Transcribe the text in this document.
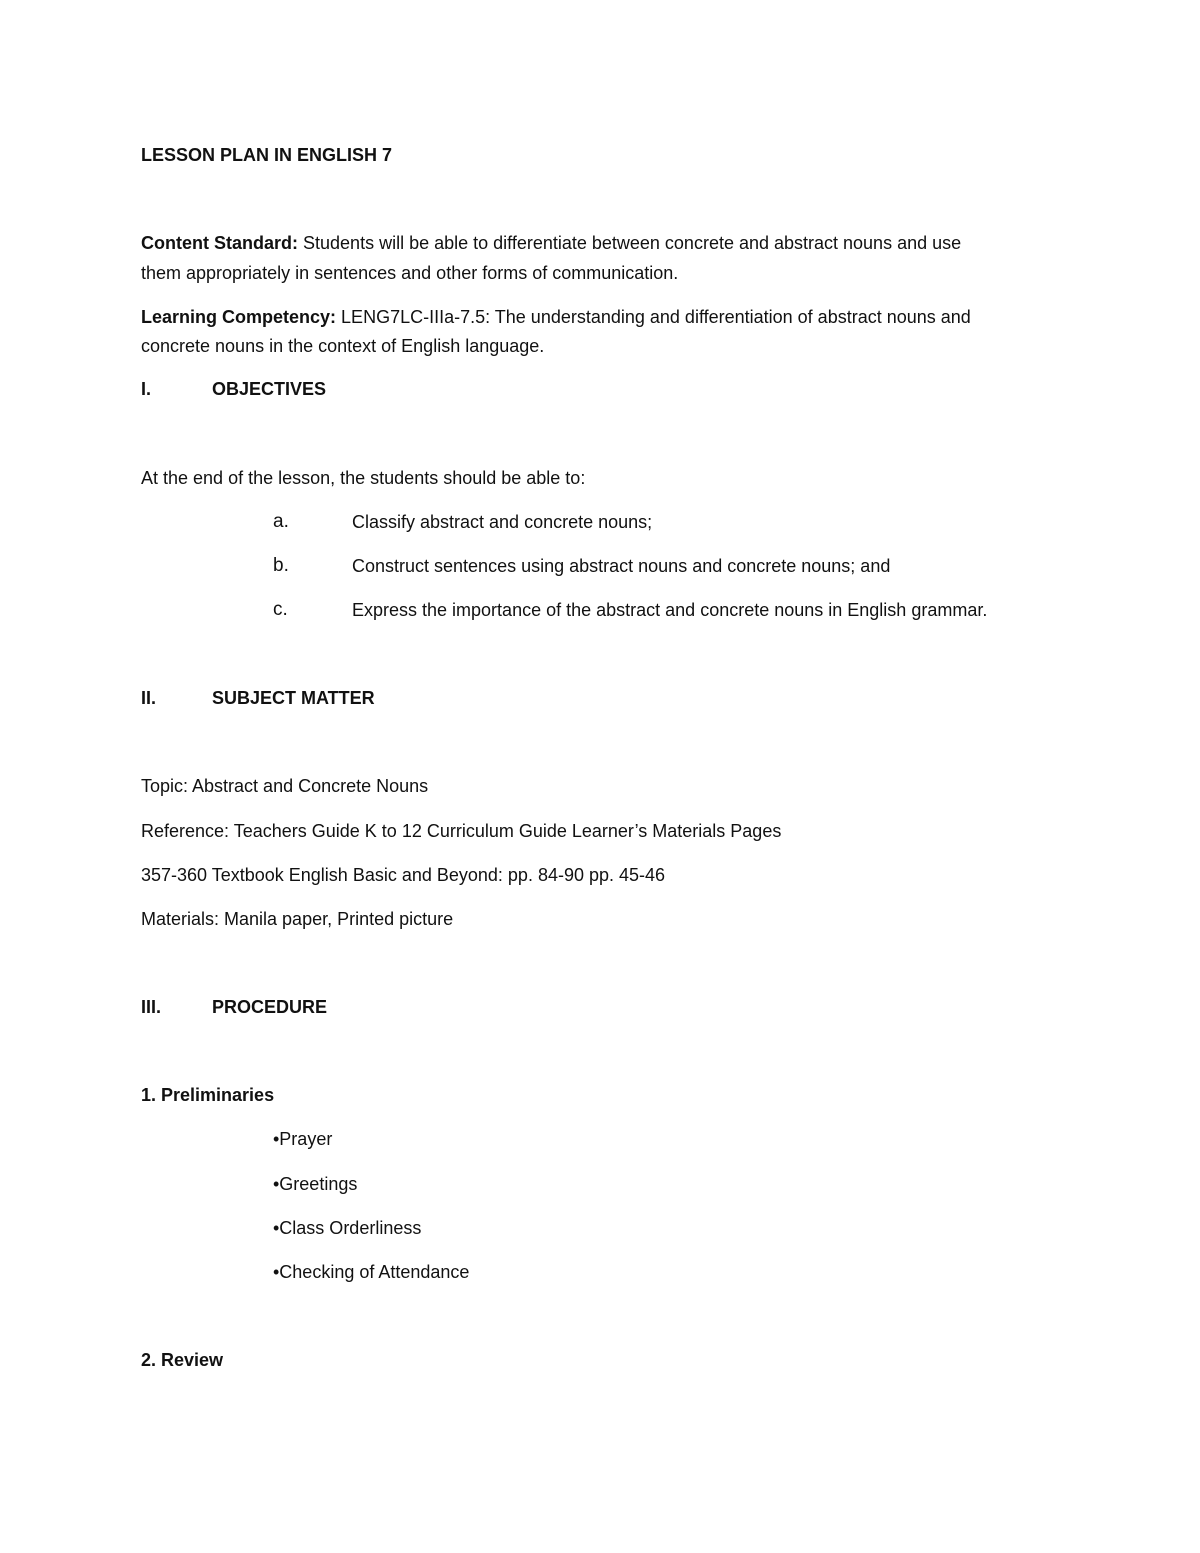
LESSON PLAN IN ENGLISH 7
Content Standard: Students will be able to differentiate between concrete and abstract nouns and use
them appropriately in sentences and other forms of communication.
Learning Competency: LENG7LC-IIIa-7.5: The understanding and differentiation of abstract nouns and
concrete nouns in the context of English language.
I.	OBJECTIVES
At the end of the lesson, the students should be able to:
a.	Classify abstract and concrete nouns;
b.	Construct sentences using abstract nouns and concrete nouns; and
c.	Express the importance of the abstract and concrete nouns in English grammar.
II.	SUBJECT MATTER
Topic: Abstract and Concrete Nouns
Reference: Teachers Guide K to 12 Curriculum Guide Learner’s Materials Pages
357-360 Textbook English Basic and Beyond: pp. 84-90 pp. 45-46
Materials: Manila paper, Printed picture
III.	PROCEDURE
1. Preliminaries
•Prayer
•Greetings
•Class Orderliness
•Checking of Attendance
2. Review
